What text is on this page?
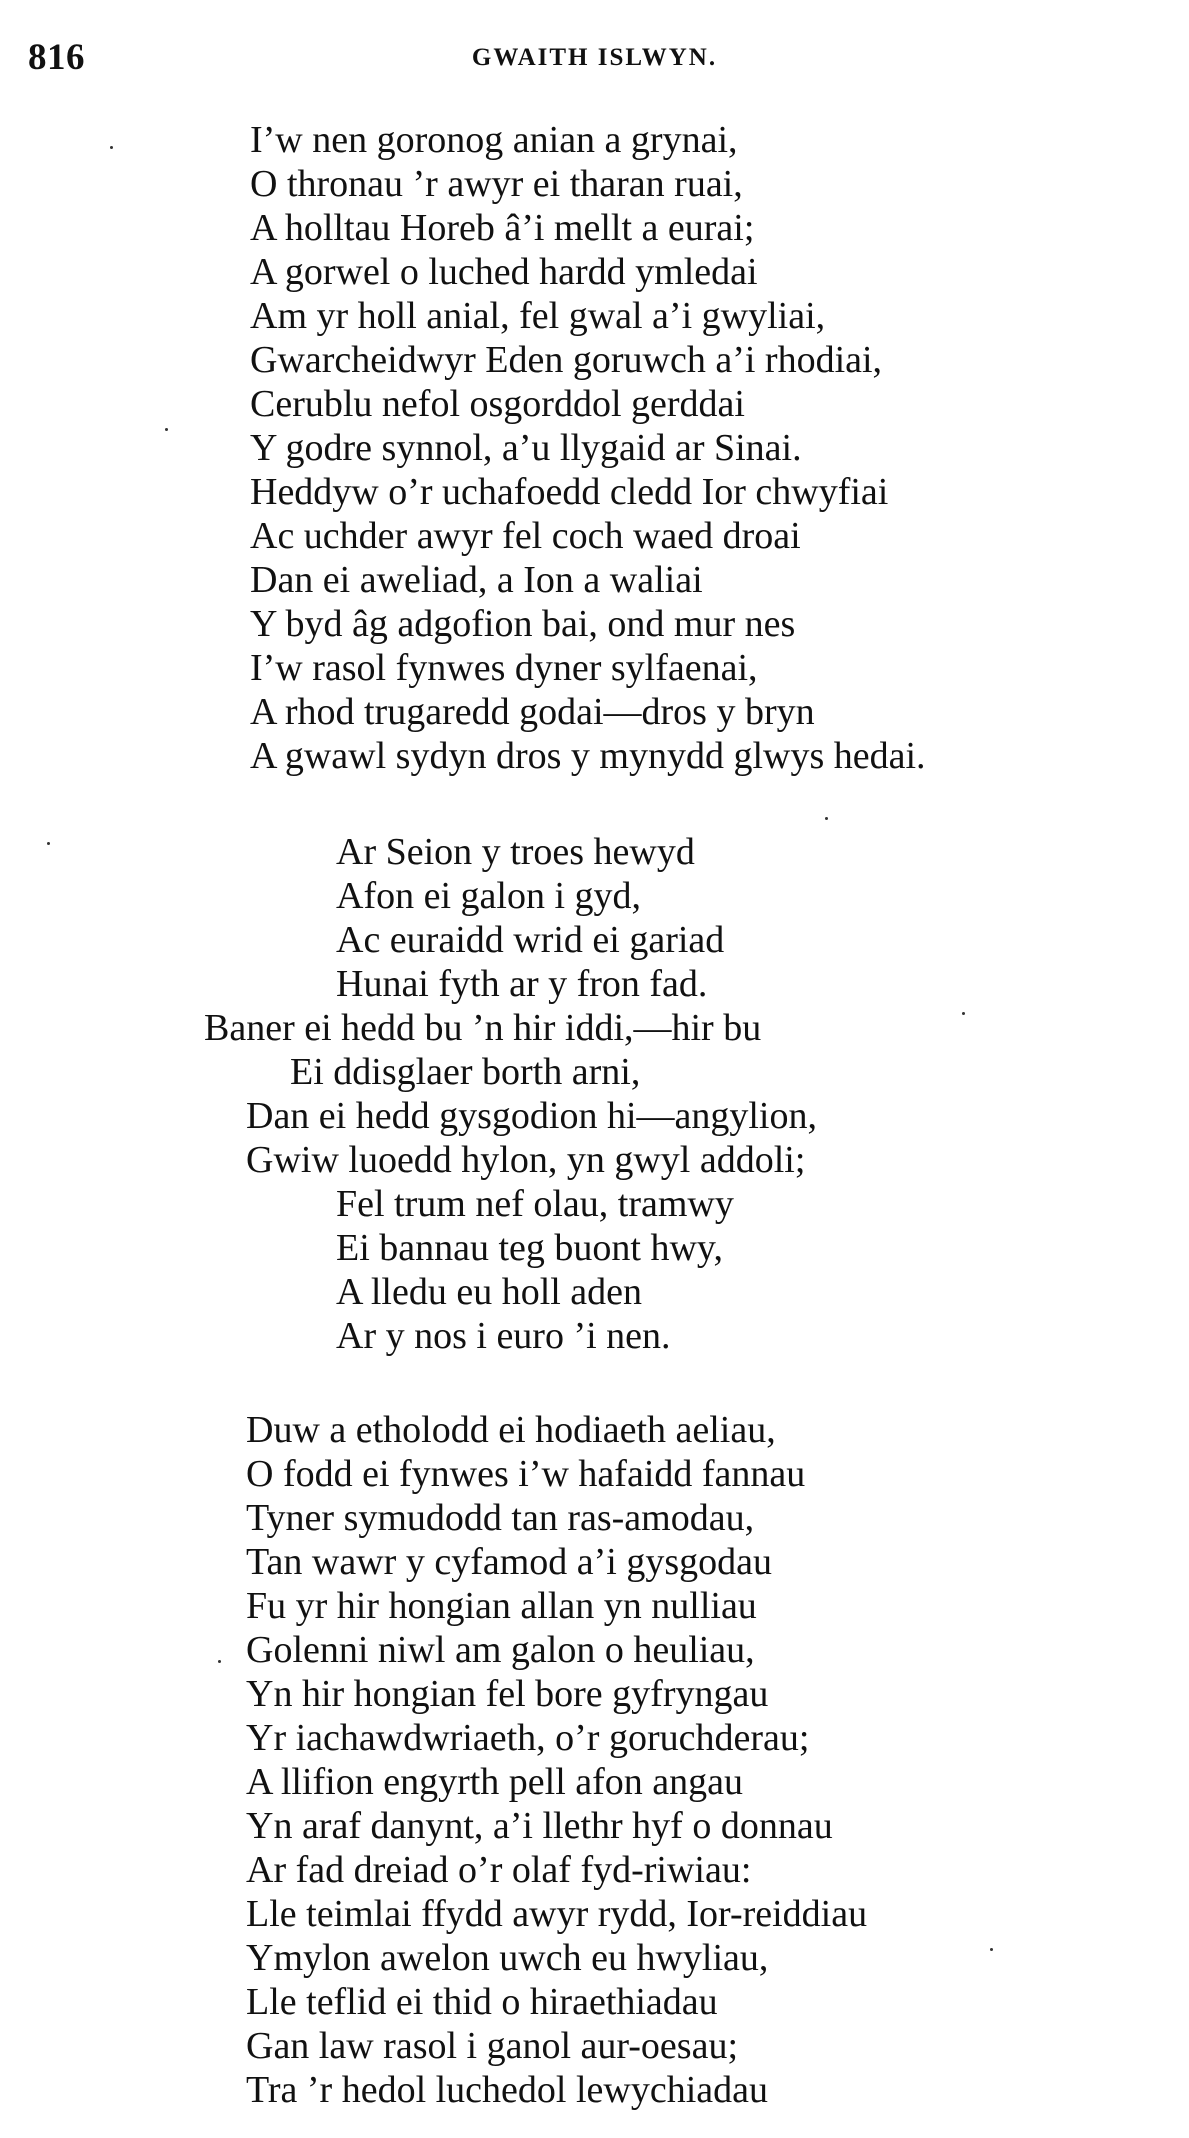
816	GWAITH ISLWYN.
I’w nen goronog anian a grynai,
O thronau ’r awyr ei tharan ruai,
A holltau Horeb â’i mellt a eurai;
A gorwel o luched hardd ymledai
Am yr holl anial, fel gwal a’i gwyliai,
Gwarcheidwyr Eden goruwch a’i rhodiai,
Cerublu nefol osgorddol gerddai
Y godre synnol, a’u llygaid ar Sinai.
Heddyw o’r uchafoedd cledd Ior chwyfiai
Ac uchder awyr fel coch waed droai
Dan ei aweliad, a Ion a waliai
Y byd âg adgofion bai, ond mur nes
I’w rasol fynwes dyner sylfaenai,
A rhod trugaredd godai—dros y bryn
A gwawl sydyn dros y mynydd glwys hedai.
Ar Seion y troes hewyd
Afon ei galon i gyd,
Ac euraidd wrid ei gariad
Hunai fyth ar y fron fad.
Baner ei hedd bu ’n hir iddi,—hir bu
Ei ddisglaer borth arni,
Dan ei hedd gysgodion hi—angylion,
Gwiw luoedd hylon, yn gwyl addoli;
Fel trum nef olau, tramwy
Ei bannau teg buont hwy,
A lledu eu holl aden
Ar y nos i euro ’i nen.
Duw a etholodd ei hodiaeth aeliau,
O fodd ei fynwes i’w hafaidd fannau
Tyner symudodd tan ras-amodau,
Tan wawr y cyfamod a’i gysgodau
Fu yr hir hongian allan yn nulliau
Golenni niwl am galon o heuliau,
Yn hir hongian fel bore gyfryngau
Yr iachawdwriaeth, o’r goruchderau;
A llifion engyrth pell afon angau
Yn araf danynt, a’i llethr hyf o donnau
Ar fad dreiad o’r olaf fyd-riwiau:
Lle teimlai ffydd awyr rydd, Ior-reiddiau
Ymylon awelon uwch eu hwyliau,
Lle teflid ei thid o hiraethiadau
Gan law rasol i ganol aur-oesau;
Tra ’r hedol luchedol lewychiadau
